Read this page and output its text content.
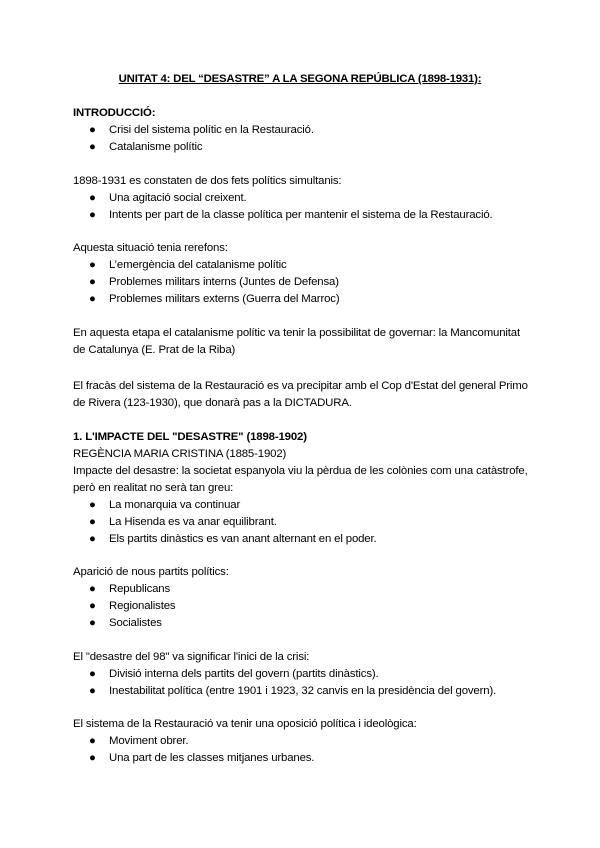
UNITAT 4: DEL “DESASTRE” A LA SEGONA REPÚBLICA (1898-1931):

INTRODUCCIÓ:

● Crisi del sistema polític en la Restauració.
● Catalanisme polític

1898-1931 es constaten de dos fets polítics simultanis:

● Una agitació social creixent.
● Intents per part de la classe política per mantenir el sistema de la Restauració.

Aquesta situació tenia rerefons:

● L’emergència del catalanisme polític
● Problemes militars interns (Juntes de Defensa)
● Problemes militars externs (Guerra del Marroc)

En aquesta etapa el catalanisme polític va tenir la possibilitat de governar: la Mancomunitat

de Catalunya (E. Prat de la Riba)

El fracàs del sistema de la Restauració es va precipitar amb el Cop d'Estat del general Primo

de Rivera (123-1930), que donarà pas a la DICTADURA.

1. L'IMPACTE DEL "DESASTRE" (1898-1902)

REGÈNCIA MARIA CRISTINA (1885-1902)

Impacte del desastre: la societat espanyola viu la pèrdua de les colònies com una catàstrofe,

però en realitat no serà tan greu:

● La monarquia va continuar
● La Hisenda es va anar equilibrant.
● Els partits dinàstics es van anant alternant en el poder.

Aparició de nous partits polítics:

● Republicans
● Regionalistes
● Socialistes

El "desastre del 98" va significar l'inici de la crisi:

● Divisió interna dels partits del govern (partits dinàstics).
● Inestabilitat política (entre 1901 i 1923, 32 canvis en la presidència del govern).

El sistema de la Restauració va tenir una oposició política i ideològica:

● Moviment obrer.
● Una part de les classes mitjanes urbanes.
